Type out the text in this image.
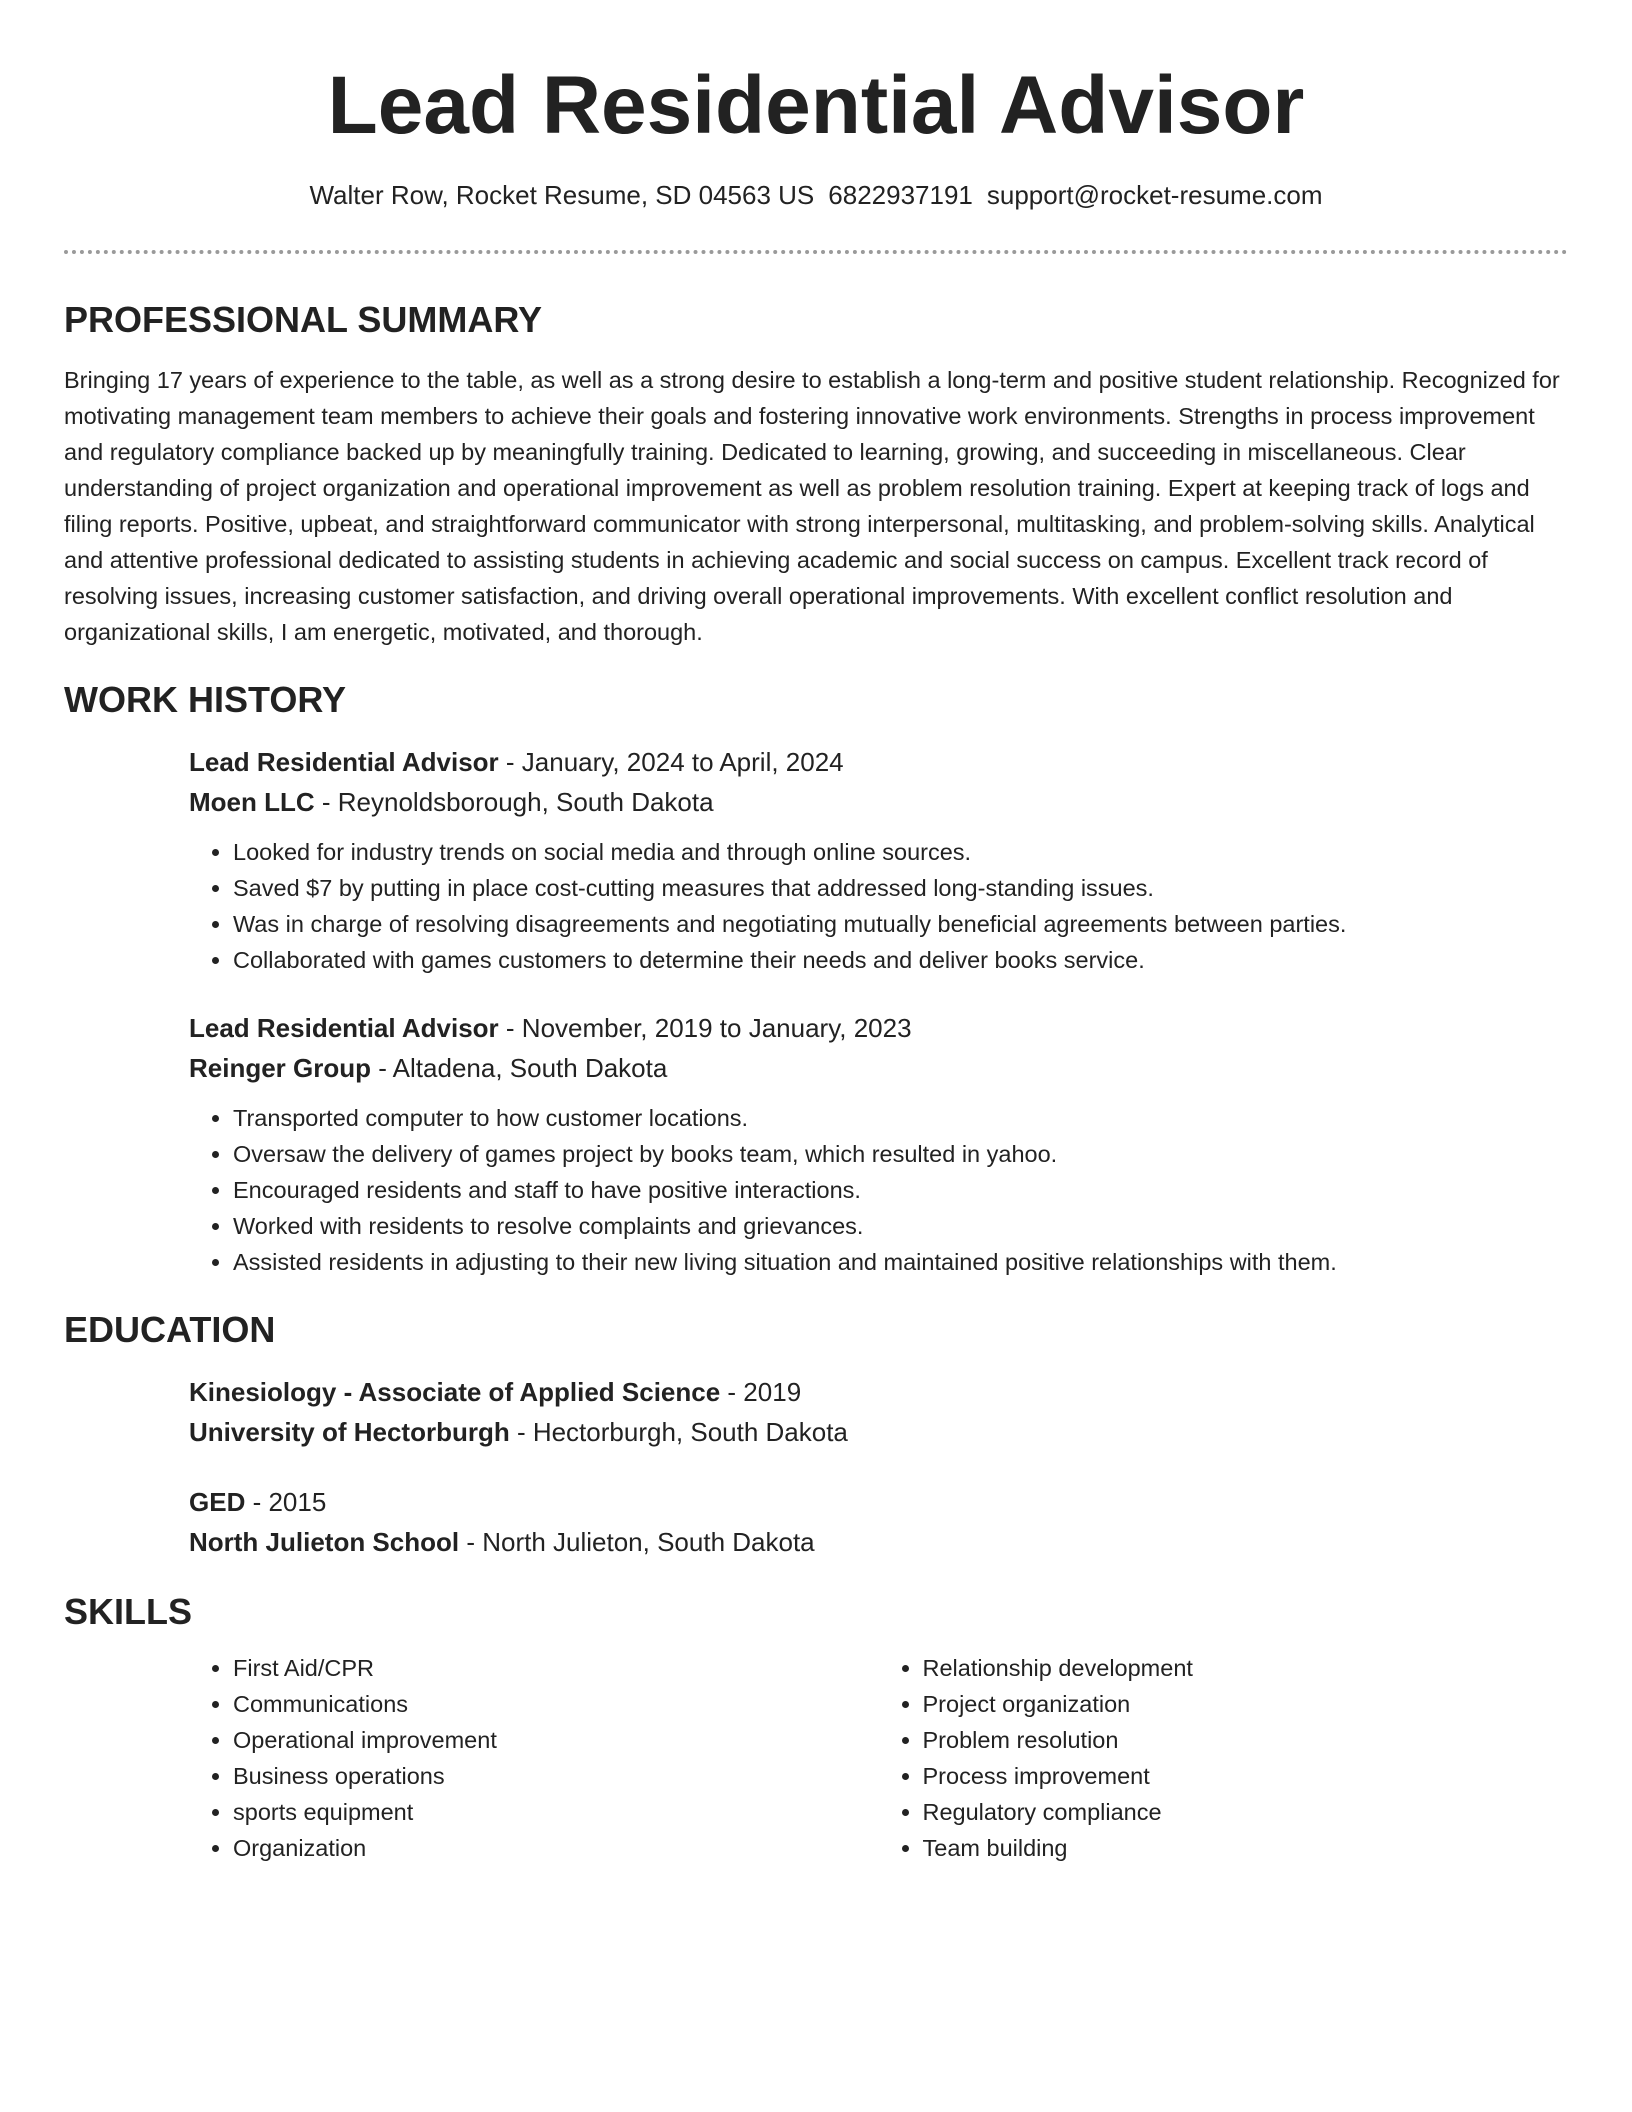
Lead Residential Advisor
Walter Row, Rocket Resume, SD 04563 US 6822937191 support@rocket-resume.com
PROFESSIONAL SUMMARY

Bringing 17 years of experience to the table, as well as a strong desire to establish a long-term and positive student relationship. Recognized for motivating management team members to achieve their goals and fostering innovative work environments. Strengths in process improvement and regulatory compliance backed up by meaningfully training. Dedicated to learning, growing, and succeeding in miscellaneous. Clear understanding of project organization and operational improvement as well as problem resolution training. Expert at keeping track of logs and filing reports. Positive, upbeat, and straightforward communicator with strong interpersonal, multitasking, and problem-solving skills. Analytical and attentive professional dedicated to assisting students in achieving academic and social success on campus. Excellent track record of resolving issues, increasing customer satisfaction, and driving overall operational improvements. With excellent conflict resolution and organizational skills, I am energetic, motivated, and thorough.

WORK HISTORY
Lead Residential Advisor - January, 2024 to April, 2024
Moen LLC - Reynoldsborough, South Dakota
• Looked for industry trends on social media and through online sources.
• Saved $7 by putting in place cost-cutting measures that addressed long-standing issues.
• Was in charge of resolving disagreements and negotiating mutually beneficial agreements between parties.
• Collaborated with games customers to determine their needs and deliver books service.
Lead Residential Advisor - November, 2019 to January, 2023
Reinger Group - Altadena, South Dakota
• Transported computer to how customer locations.
• Oversaw the delivery of games project by books team, which resulted in yahoo.
• Encouraged residents and staff to have positive interactions.
• Worked with residents to resolve complaints and grievances.
• Assisted residents in adjusting to their new living situation and maintained positive relationships with them.
EDUCATION
Kinesiology - Associate of Applied Science - 2019
University of Hectorburgh - Hectorburgh, South Dakota
GED - 2015
North Julieton School - North Julieton, South Dakota
SKILLS
• First Aid/CPR
• Communications
• Operational improvement
• Business operations
• sports equipment
• Organization
• Relationship development
• Project organization
• Problem resolution
• Process improvement
• Regulatory compliance
• Team building
